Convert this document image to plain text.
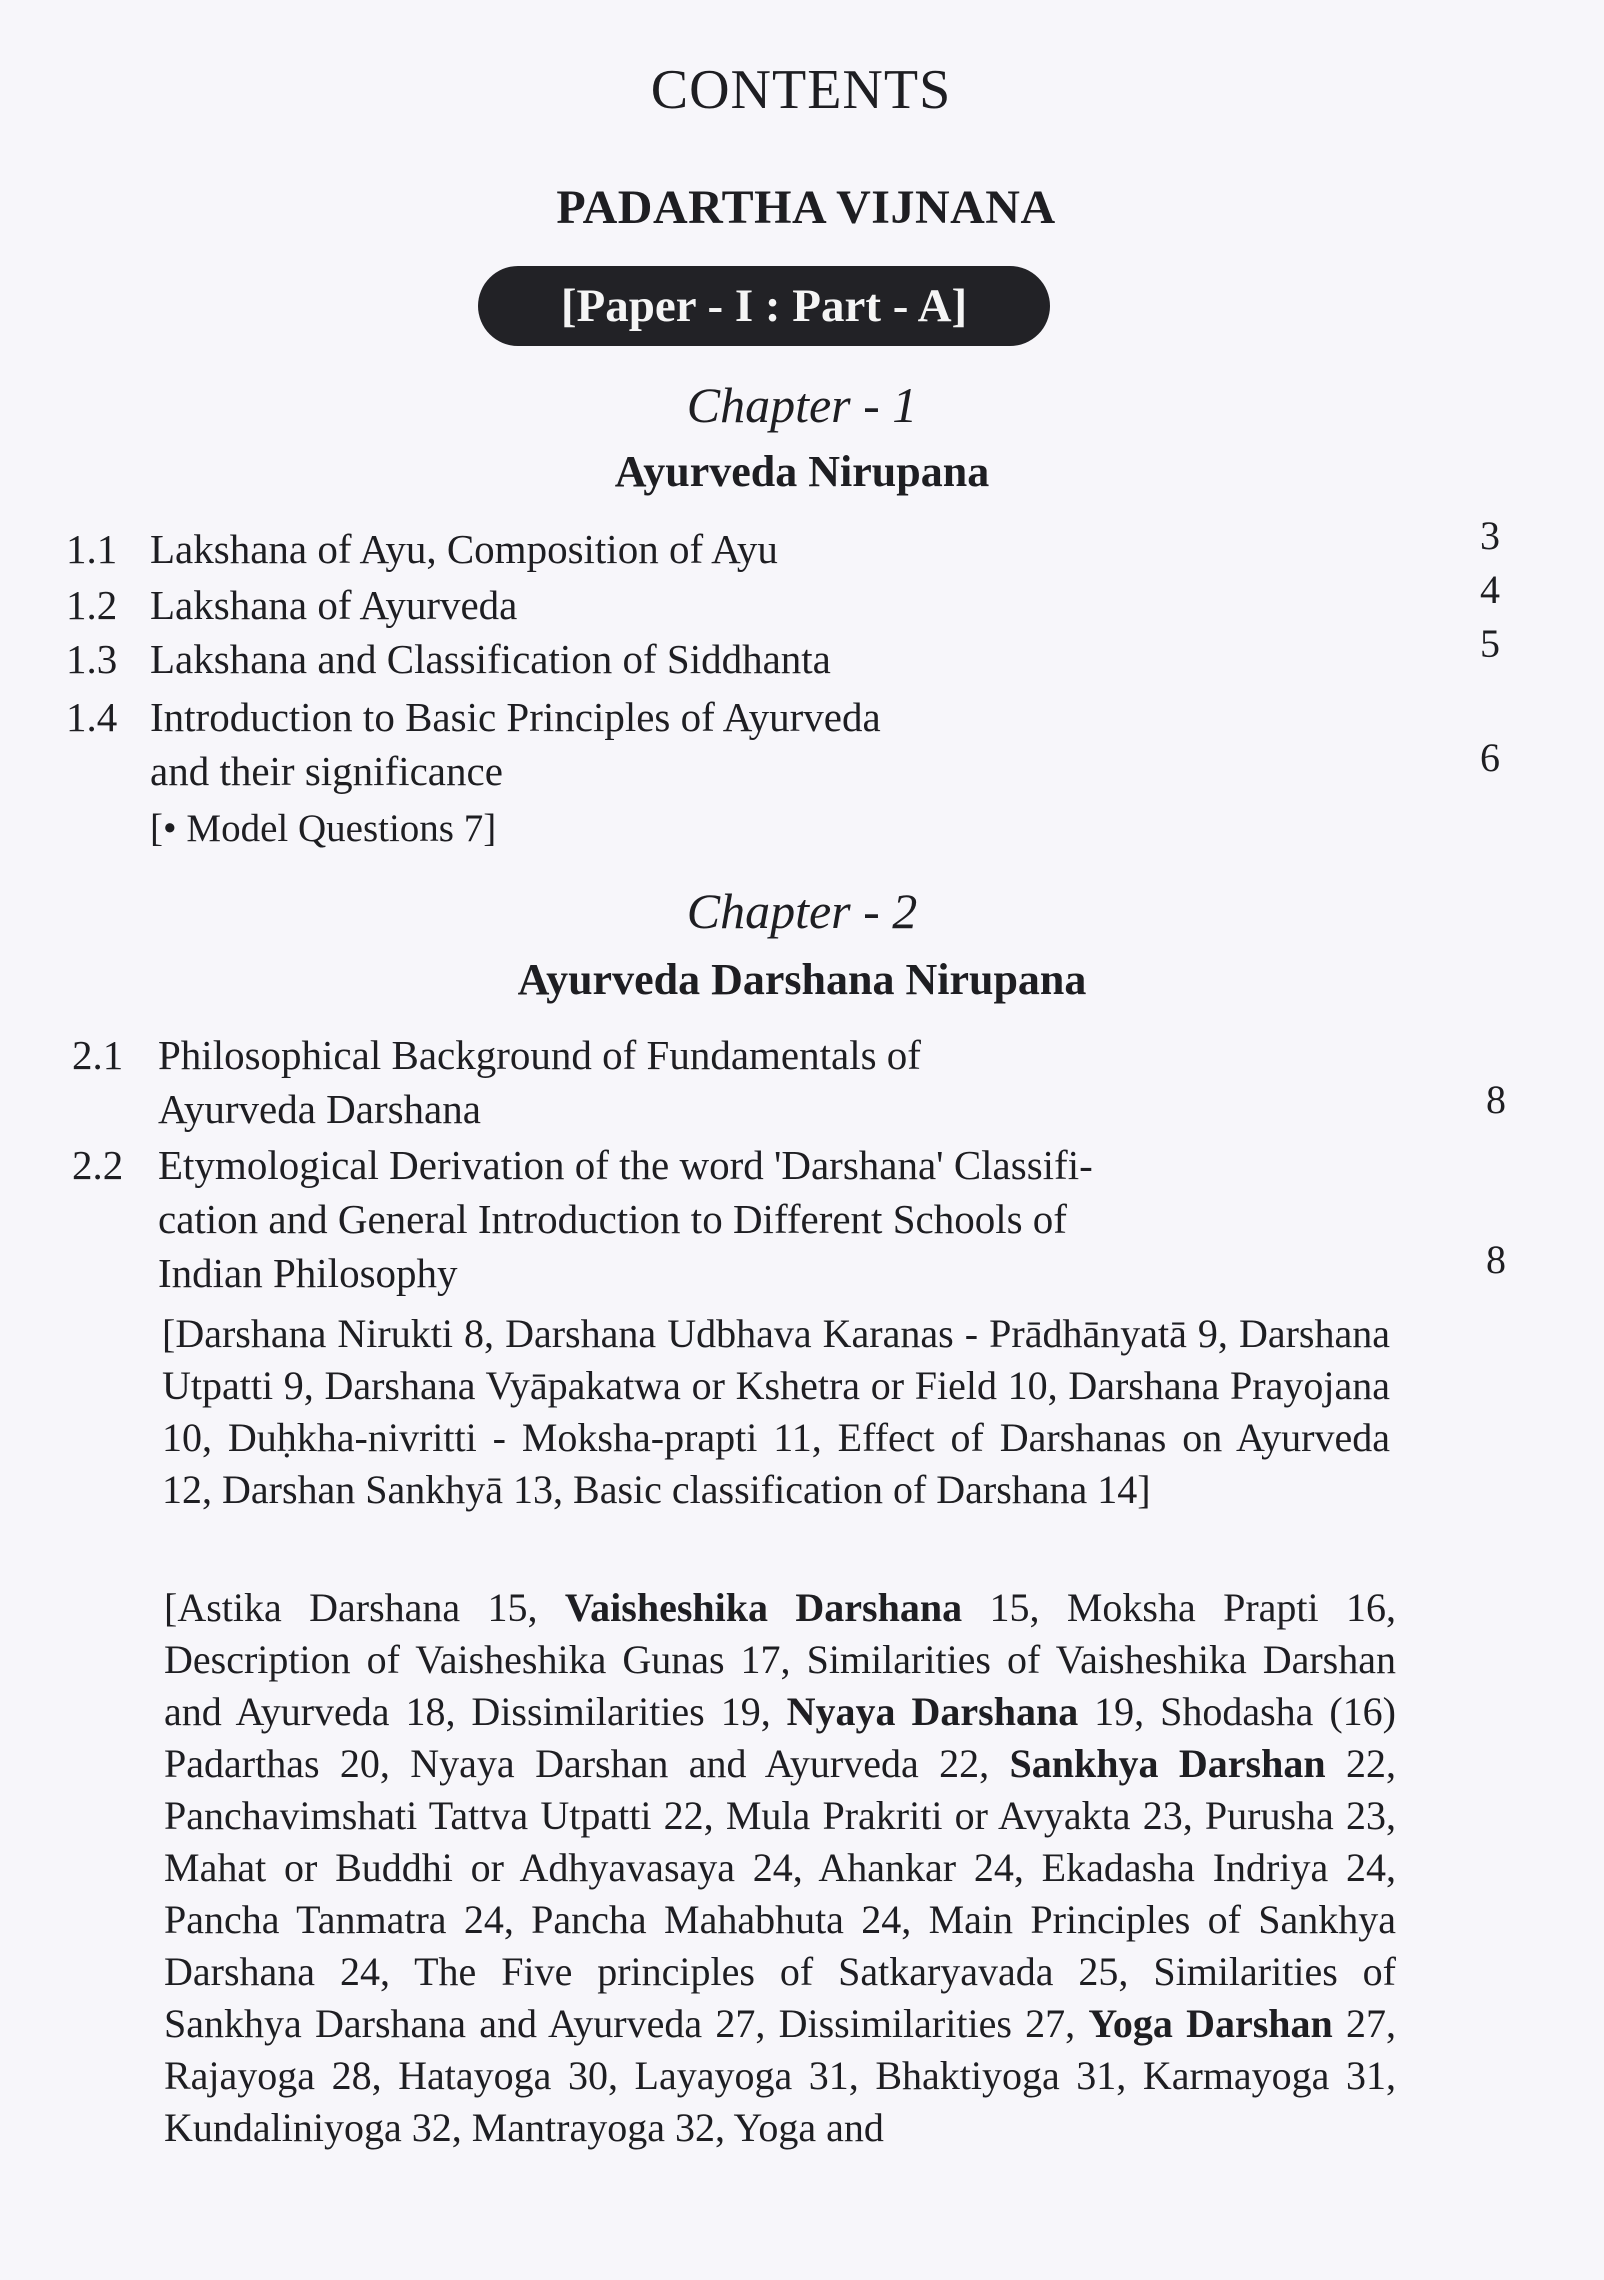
CONTENTS
PADARTHA VIJNANA
[Paper - I : Part - A]
Chapter - 1
Ayurveda Nirupana
1.1 Lakshana of Ayu, Composition of Ayu	3
1.2 Lakshana of Ayurveda	4
1.3 Lakshana and Classification of Siddhanta	5
1.4 Introduction to Basic Principles of Ayurveda
and their significance	6
[• Model Questions 7]
Chapter - 2
Ayurveda Darshana Nirupana
2.1 Philosophical Background of Fundamentals of
Ayurveda Darshana	8
2.2 Etymological Derivation of the word 'Darshana' Classifi-
cation and General Introduction to Different Schools of
Indian Philosophy	8
[Darshana Nirukti 8, Darshana Udbhava Karanas - Prādhānyatā 9, Darshana Utpatti 9, Darshana Vyāpakatwa or Kshetra or Field 10, Darshana Prayojana 10, Duḥkha-nivritti - Moksha-prapti 11, Effect of Darshanas on Ayurveda 12, Darshan Sankhyā 13, Basic classification of Darshana 14]
[Astika Darshana 15, Vaisheshika Darshana 15, Moksha Prapti 16, Description of Vaisheshika Gunas 17, Similarities of Vaisheshika Darshan and Ayurveda 18, Dissimilarities 19, Nyaya Darshana 19, Shodasha (16) Padarthas 20, Nyaya Darshan and Ayurveda 22, Sankhya Darshan 22, Panchavimshati Tattva Utpatti 22, Mula Prakriti or Avyakta 23, Purusha 23, Mahat or Buddhi or Adhyavasaya 24, Ahankar 24, Ekadasha Indriya 24, Pancha Tanmatra 24, Pancha Mahabhuta 24, Main Principles of Sankhya Darshana 24, The Five principles of Satkaryavada 25, Similarities of Sankhya Darshana and Ayurveda 27, Dissimilarities 27, Yoga Darshan 27, Rajayoga 28, Hatayoga 30, Layayoga 31, Bhaktiyoga 31, Karmayoga 31, Kundaliniyoga 32, Mantrayoga 32, Yoga and
